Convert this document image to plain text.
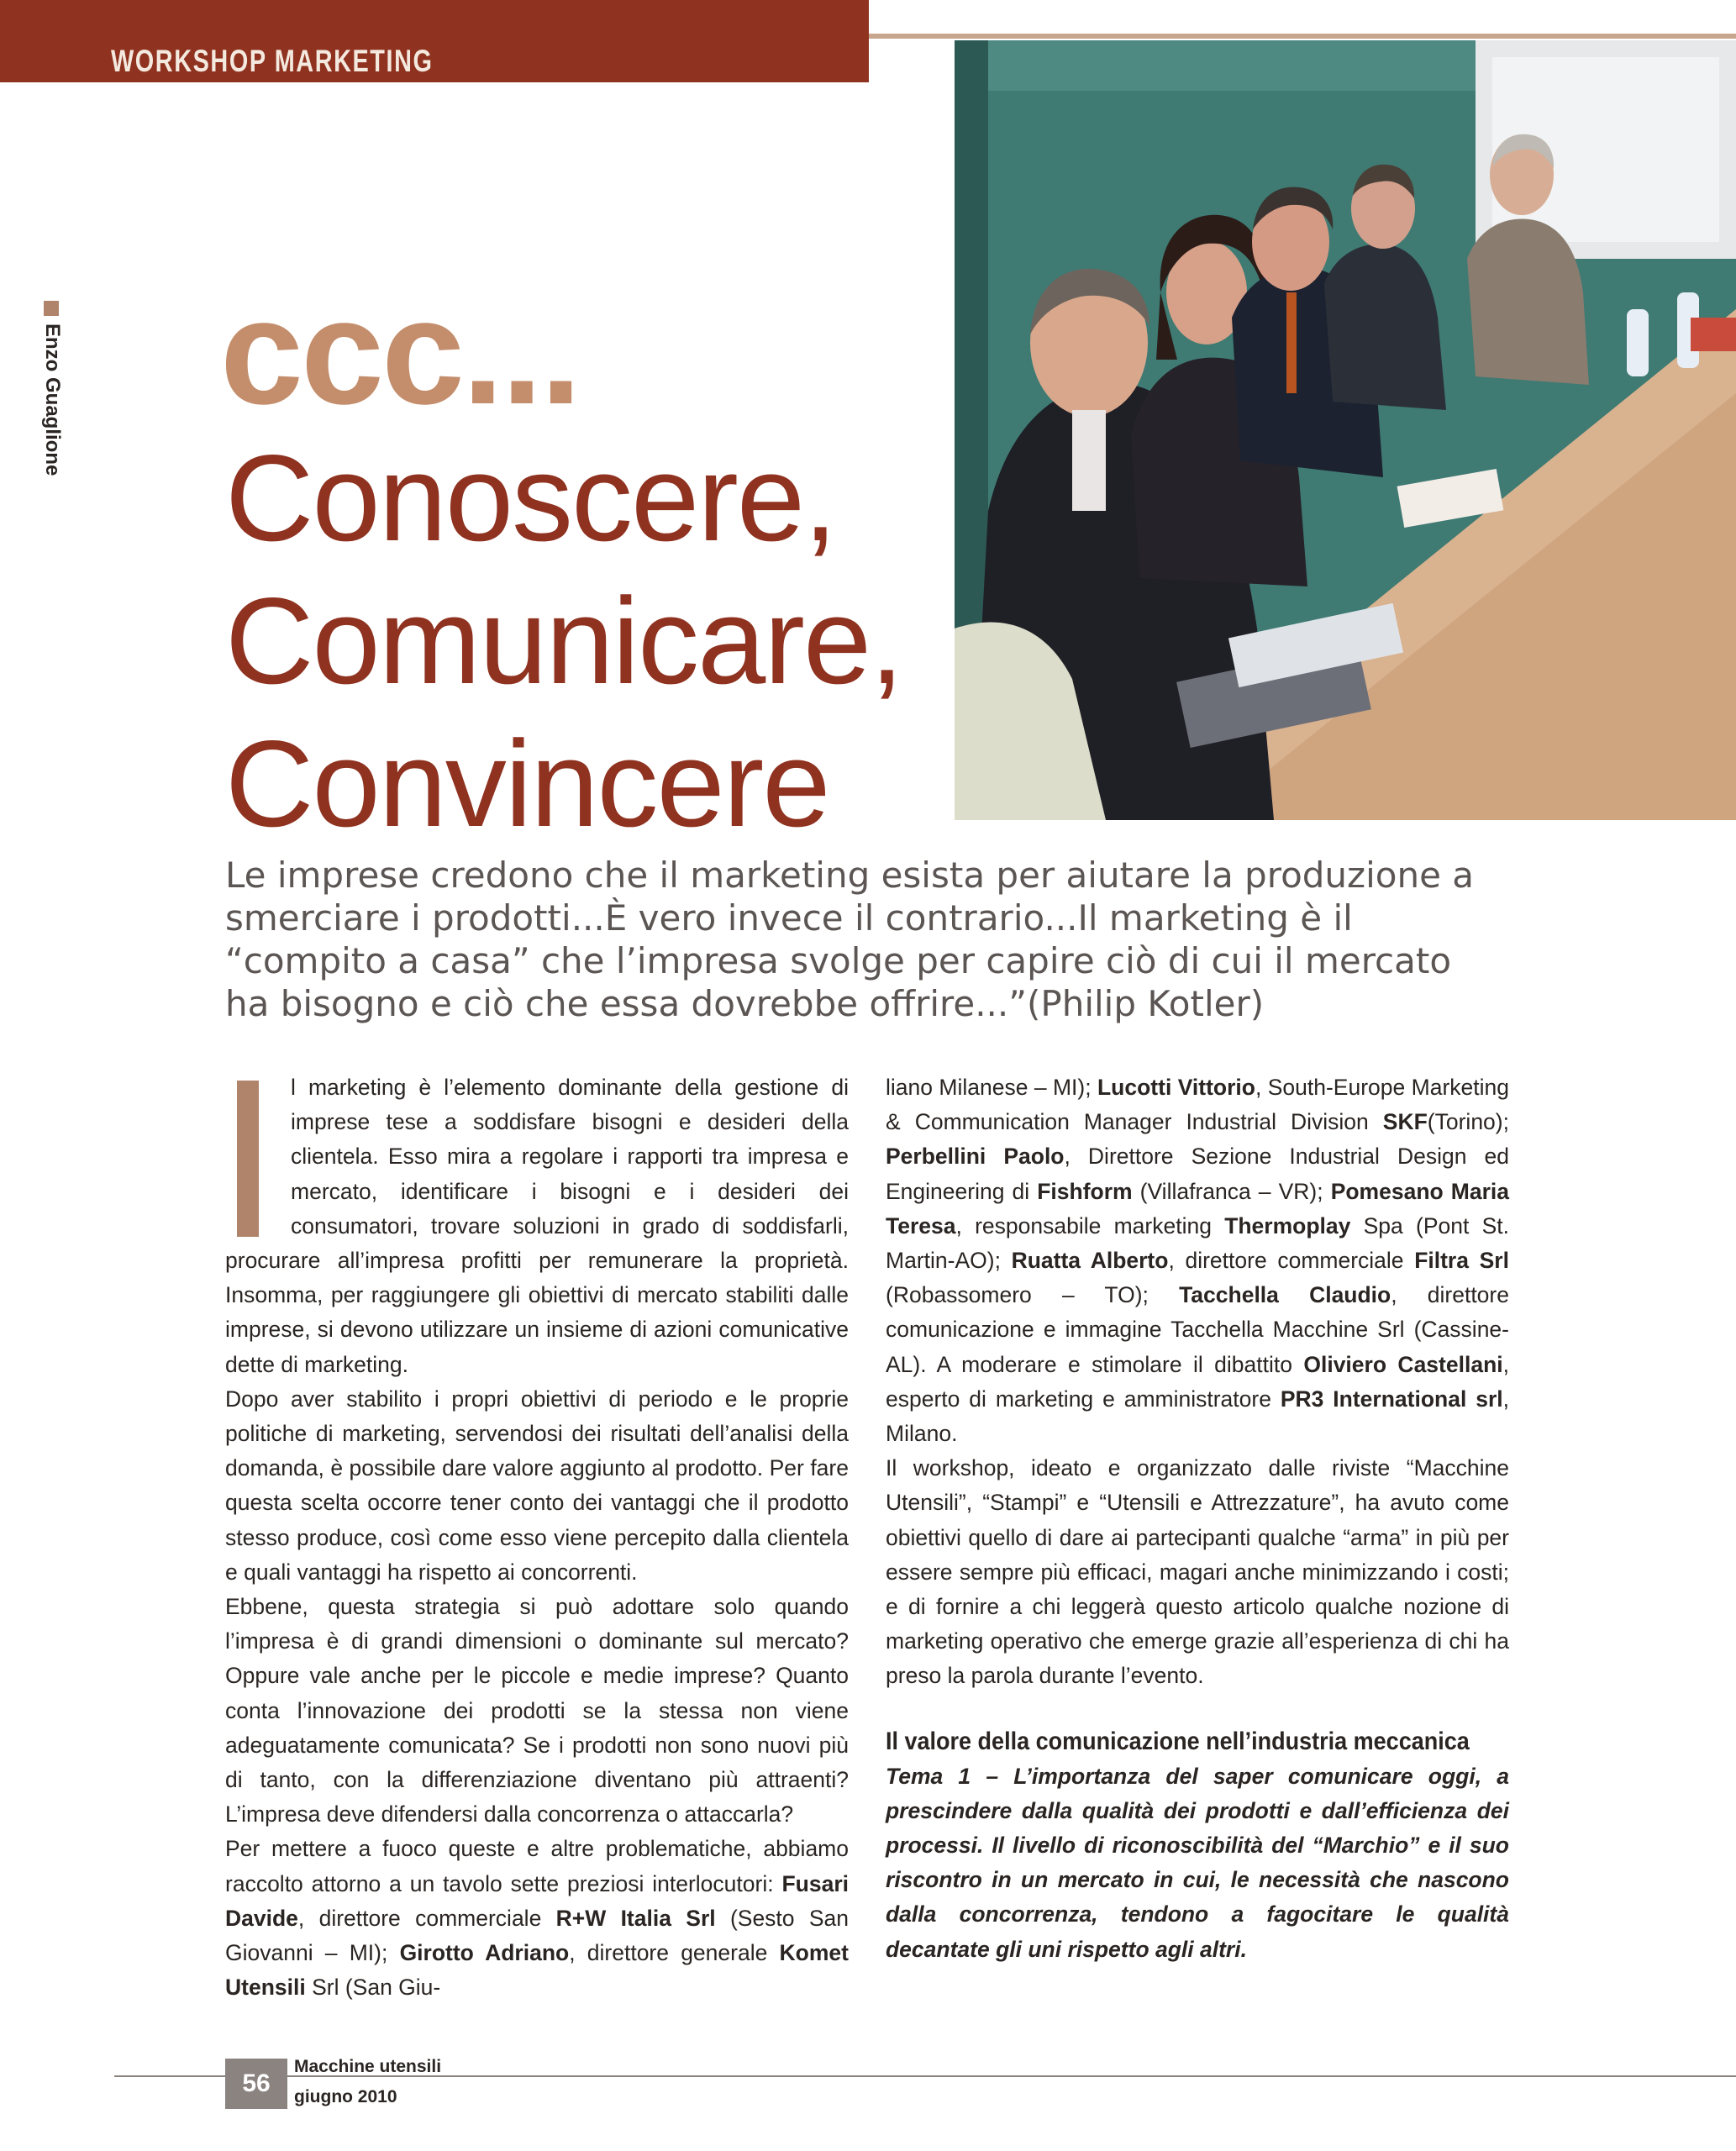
WORKSHOP MARKETING
Enzo Guaglione ccc...
Conoscere,
Comunicare,
Convincere
Le imprese credono che il marketing esista per aiutare la produzione a smerciare i prodotti...È vero invece il contrario...Il marketing è il “compito a casa” che l’impresa svolge per capire ciò di cui il mercato ha bisogno e ciò che essa dovrebbe offrire...”(Philip Kotler)

l marketing è l’elemento dominante della gestione di imprese tese a soddisfare bisogni e desideri della clientela. Esso mira a regolare i rapporti tra impresa e mercato, identificare i bisogni e i desideri dei consumatori, trovare soluzioni in grado di soddisfarli, procurare all’impresa profitti per remunerare la proprietà. Insomma, per raggiungere gli obiettivi di mercato stabiliti dalle imprese, si devono utilizzare un insieme di azioni comunicative dette di marketing.

Dopo aver stabilito i propri obiettivi di periodo e le proprie politiche di marketing, servendosi dei risultati dell’analisi della domanda, è possibile dare valore aggiunto al prodotto. Per fare questa scelta occorre tener conto dei vantaggi che il prodotto stesso produce, così come esso viene percepito dalla clientela e quali vantaggi ha rispetto ai concorrenti.

Ebbene, questa strategia si può adottare solo quando l’impresa è di grandi dimensioni o dominante sul mercato? Oppure vale anche per le piccole e medie imprese? Quanto conta l’innovazione dei prodotti se la stessa non viene adeguatamente comunicata? Se i prodotti non sono nuovi più di tanto, con la differenziazione diventano più attraenti? L’impresa deve difendersi dalla concorrenza o attaccarla?

Per mettere a fuoco queste e altre problematiche, abbiamo raccolto attorno a un tavolo sette preziosi interlocutori: Fusari Davide, direttore commerciale R+W Italia Srl (Sesto San Giovanni – MI); Girotto Adriano, direttore generale Komet Utensili Srl (San Giu-

liano Milanese – MI); Lucotti Vittorio, South-Europe Marketing & Communication Manager Industrial Division SKF(Torino); Perbellini Paolo, Direttore Sezione Industrial Design ed Engineering di Fishform (Villafranca – VR); Pomesano Maria Teresa, responsabile marketing Thermoplay Spa (Pont St. Martin-AO); Ruatta Alberto, direttore commerciale Filtra Srl (Robassomero – TO); Tacchella Claudio, direttore comunicazione e immagine Tacchella Macchine Srl (Cassine-AL). A moderare e stimolare il dibattito Oliviero Castellani, esperto di marketing e amministratore PR3 International srl, Milano.

Il workshop, ideato e organizzato dalle riviste “Macchine Utensili”, “Stampi” e “Utensili e Attrezzature”, ha avuto come obiettivi quello di dare ai partecipanti qualche “arma” in più per essere sempre più efficaci, magari anche minimizzando i costi; e di fornire a chi leggerà questo articolo qualche nozione di marketing operativo che emerge grazie all’esperienza di chi ha preso la parola durante l’evento.

Il valore della comunicazione nell’industria meccanica

Tema 1 – L’importanza del saper comunicare oggi, a prescindere dalla qualità dei prodotti e dall’efficienza dei processi. Il livello di riconoscibilità del “Marchio” e il suo riscontro in un mercato in cui, le necessità che nascono dalla concorrenza, tendono a fagocitare le qualità decantate gli uni rispetto agli altri.

56
Macchine utensili
giugno 2010
